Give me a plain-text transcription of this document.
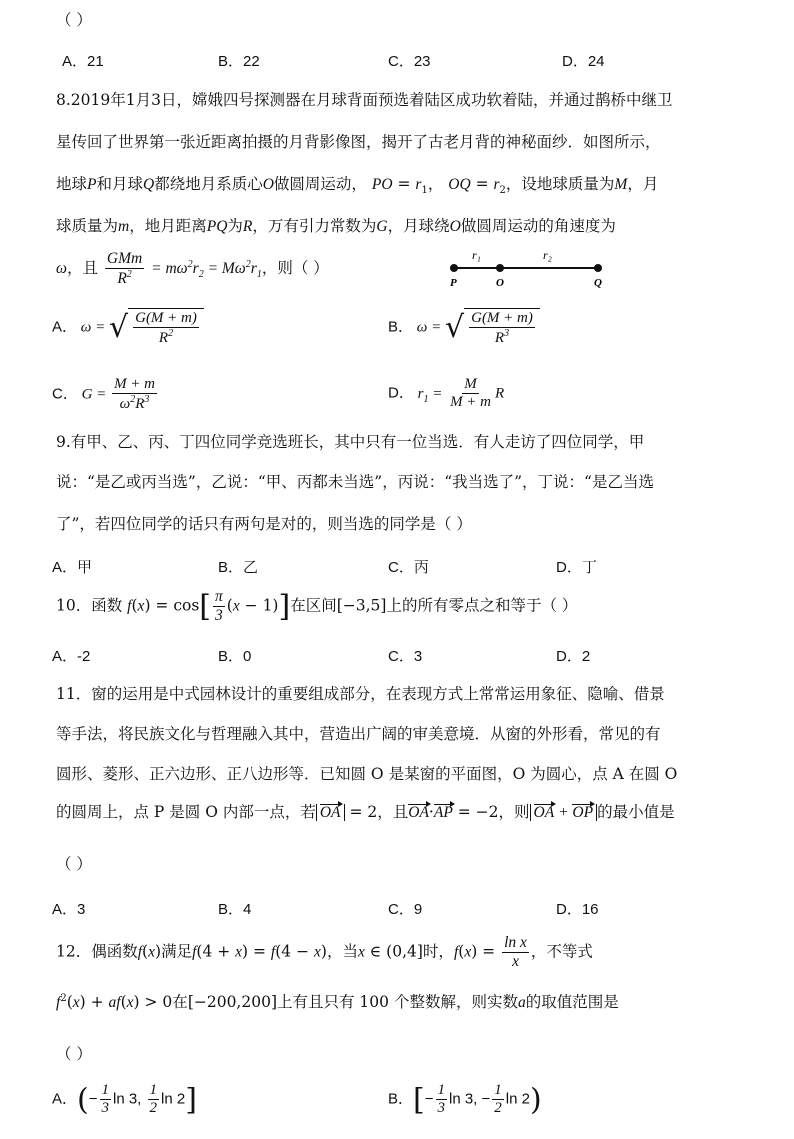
（ ）
A．21	B．22	C．23	D．24
8.2019年1月3日，嫦娥四号探测器在月球背面预选着陆区成功软着陆，并通过鹊桥中继卫
星传回了世界第一张近距离拍摄的月背影像图，揭开了古老月背的神秘面纱．如图所示，
地球P和月球Q都绕地月系质心O做圆周运动， PO = $r_1$， OQ = $r_2$，设地球质量为M，月
球质量为m，地月距离PQ为R，万有引力常数为G，月球绕O做圆周运动的角速度为
ω，且 $\frac{\text{GMm}}{R^2} = m\omega^2r_2 = M\omega^2r_1$，则（ ）
r₁	r₂
P	O	Q
A． ω = √ $\frac{G(M + m)}{R^2}$	B． ω = √ $\frac{G(M + m)}{R^3}$
C． $G = \frac{M + m}{\omega^2R^3}$	D． $r_1 = \frac{M}{M + m}$ R
9.有甲、乙、丙、丁四位同学竞选班长，其中只有一位当选．有人走访了四位同学，甲
说：“是乙或丙当选”，乙说：“甲、丙都未当选”，丙说：“我当选了”，丁说：“是乙当选
了”，若四位同学的话只有两句是对的，则当选的同学是（ ）
A．甲	B．乙	C．丙	D．丁
10．函数 $f(x) = \cos[ \frac{\pi}{3} (x - 1)]$在区间[−3,5]上的所有零点之和等于（ ）
A．-2	B．0	C．3	D．2
11．窗的运用是中式园林设计的重要组成部分，在表现方式上常常运用象征、隐喻、借景
等手法，将民族文化与哲理融入其中，营造出广阔的审美意境．从窗的外形看，常见的有
圆形、菱形、正六边形、正八边形等．已知圆 O 是某窗的平面图，O 为圆心，点 A 在圆 O
的圆周上，点 P 是圆 O 内部一点，若 OA = 2，且OA·AP = −2，则 OA + OP 的最小值是
（ ）
A．3	B．4	C．9	D．16
12．偶函数f(x)满足f(4 + x) = f(4 − x)，当x ∈ (0,4]时，$f(x) = \frac{\text{ln x}}{x}$ ，不等式
$f^2(x) + af(x) > 0$在[−200,200]上有且只有 100 个整数解，则实数a的取值范围是
（ ）
A．(− $\frac{1}{3}$ ln 3, $\frac{1}{2}$ ln 2]	B．[− $\frac{1}{3}$ ln 3, − $\frac{1}{2}$ ln 2)
